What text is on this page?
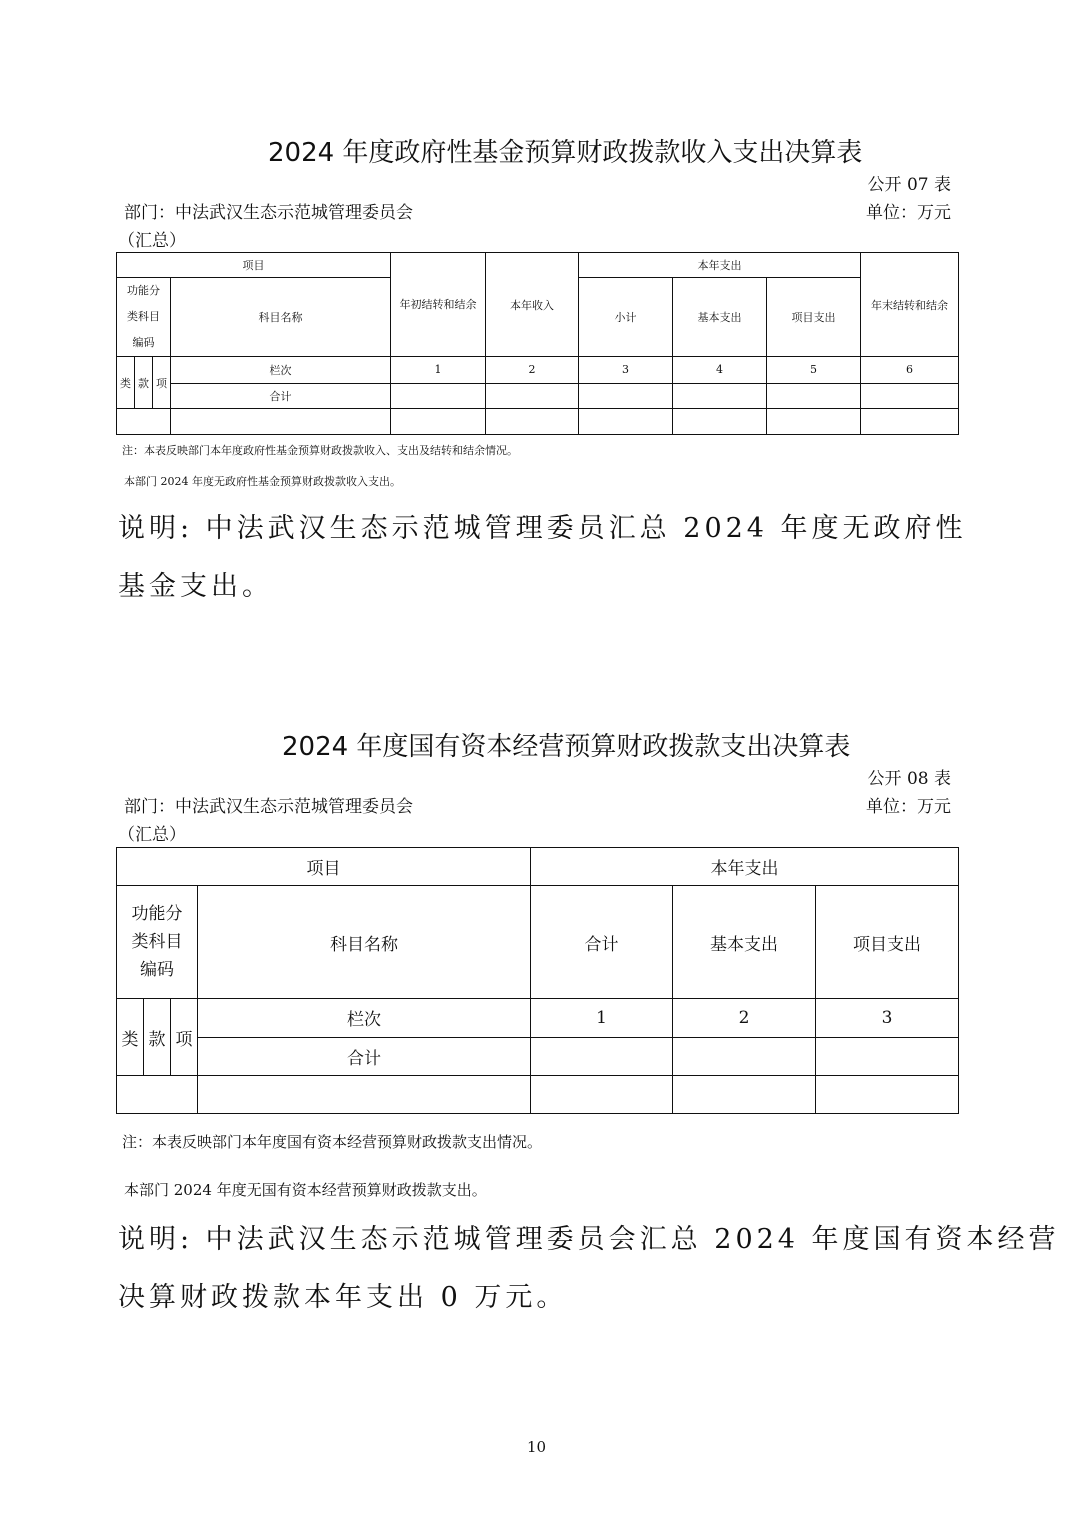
2024 年度政府性基金预算财政拨款收入支出决算表
公开 07 表
部门：中法武汉生态示范城管理委员会	单位：万元
（汇总）
项目		年初结转和结余	本年收入	本年支出			年末结转和结余
功能分类科目编码	科目名称			小计	基本支出	项目支出	

类 款 项	栏次	1	2	3	4	5	6
	合计						

注：本表反映部门本年度政府性基金预算财政拨款收入、支出及结转和结余情况。
本部门 2024 年度无政府性基金预算财政拨款收入支出。
说明: 中法武汉生态示范城管理委员汇总 2024 年度无政府性基金支出。
2024 年度国有资本经营预算财政拨款支出决算表
公开 08 表
部门：中法武汉生态示范城管理委员会	单位：万元
（汇总）
项目		本年支出		
功能分类科目编码	科目名称	合计	基本支出	项目支出

类 款 项	栏次	1	2	3
	合计			

注：本表反映部门本年度国有资本经营预算财政拨款支出情况。
本部门 2024 年度无国有资本经营预算财政拨款支出。
说明: 中法武汉生态示范城管理委员会汇总 2024 年度国有资本经营
决算财政拨款本年支出 0 万元。
10
